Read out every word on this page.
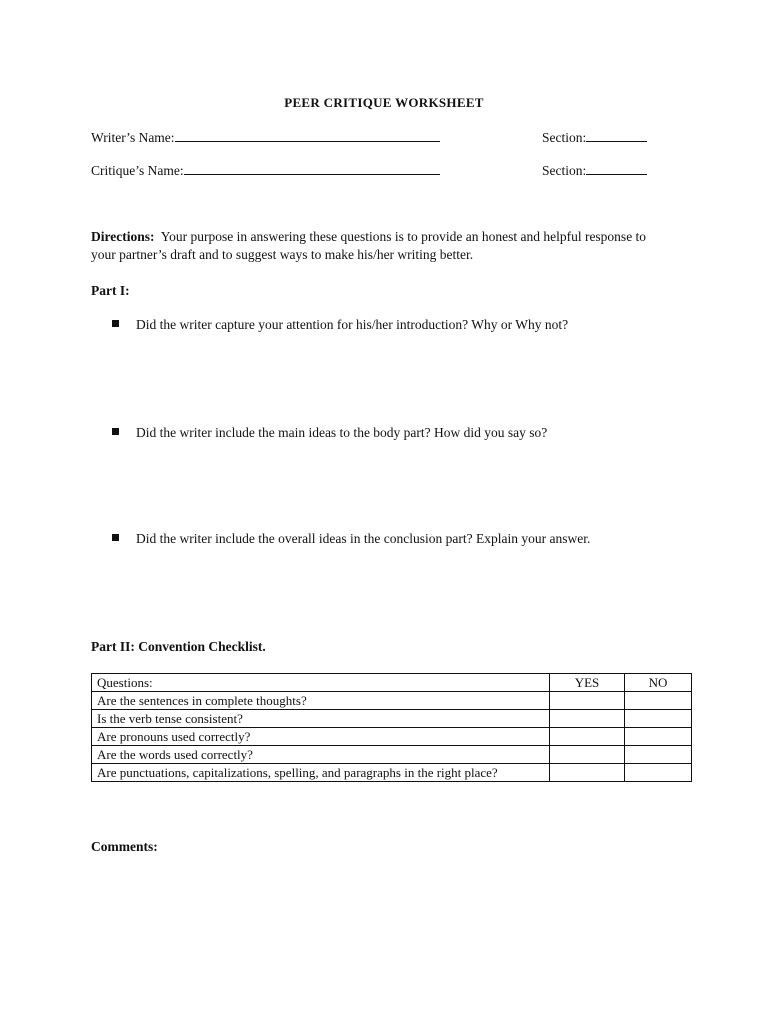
PEER CRITIQUE WORKSHEET
Writer’s Name:	Section:
Critique’s Name:	Section:
Directions: Your purpose in answering these questions is to provide an honest and helpful response to your partner’s draft and to suggest ways to make his/her writing better.
Part I:
Did the writer capture your attention for his/her introduction? Why or Why not?
Did the writer include the main ideas to the body part? How did you say so?
Did the writer include the overall ideas in the conclusion part? Explain your answer.
Part II: Convention Checklist.
Questions:	YES	NO
Are the sentences in complete thoughts?		
Is the verb tense consistent?		
Are pronouns used correctly?		
Are the words used correctly?		
Are punctuations, capitalizations, spelling, and paragraphs in the right place?		
Comments:
